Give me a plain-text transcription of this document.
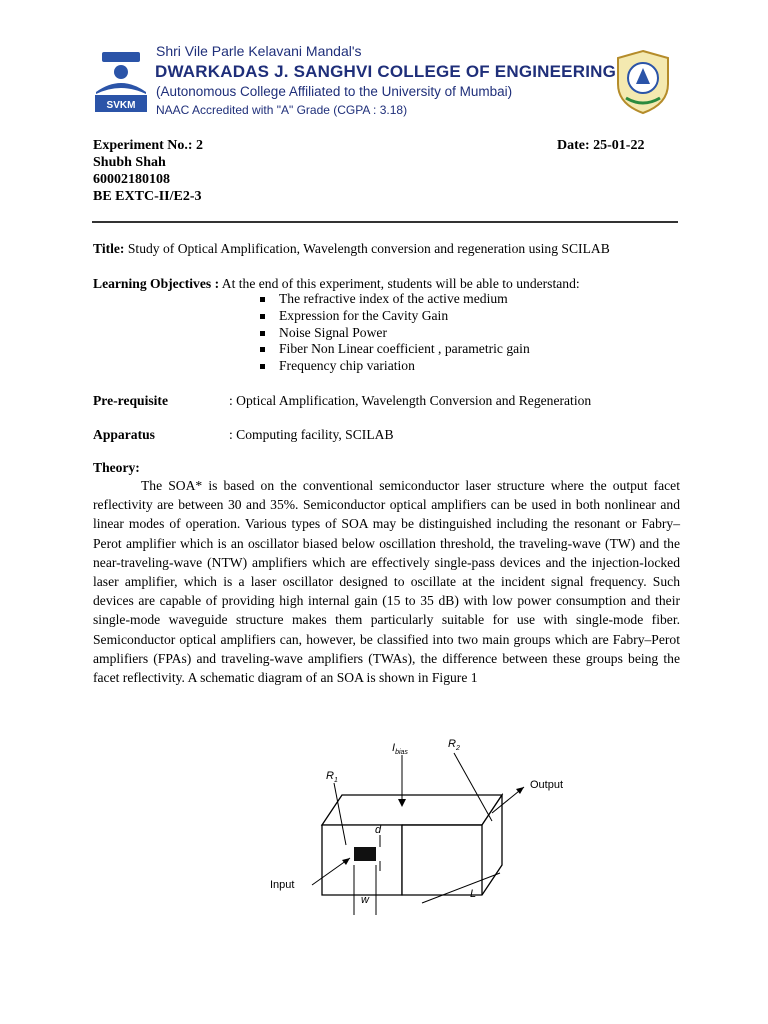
SVKM
Shri Vile Parle Kelavani Mandal's
DWARKADAS J. SANGHVI COLLEGE OF ENGINEERING
(Autonomous College Affiliated to the University of Mumbai)
NAAC Accredited with "A" Grade (CGPA : 3.18)
Experiment No.: 2	Date: 25-01-22
Shubh Shah
60002180108
BE EXTC-II/E2-3
Title: Study of Optical Amplification, Wavelength conversion and regeneration using SCILAB
Learning Objectives : At the end of this experiment, students will be able to understand:
The refractive index of the active medium
Expression for the Cavity Gain
Noise Signal Power
Fiber Non Linear coefficient , parametric gain
Frequency chip variation
Pre-requisite	: Optical Amplification, Wavelength Conversion and Regeneration
Apparatus	: Computing facility, SCILAB
Theory:
The SOA* is based on the conventional semiconductor laser structure where the output facet reflectivity are between 30 and 35%. Semiconductor optical amplifiers can be used in both nonlinear and linear modes of operation. Various types of SOA may be distinguished including the resonant or Fabry–Perot amplifier which is an oscillator biased below oscillation threshold, the traveling-wave (TW) and the near-traveling-wave (NTW) amplifiers which are effectively single-pass devices and the injection-locked laser amplifier, which is a laser oscillator designed to oscillate at the incident signal frequency. Such devices are capable of providing high internal gain (15 to 35 dB) with low power consumption and their single-mode waveguide structure makes them particularly suitable for use with single-mode fiber. Semiconductor optical amplifiers can, however, be classified into two main groups which are Fabry–Perot amplifiers (FPAs) and traveling-wave amplifiers (TWAs), the difference between these groups being the facet reflectivity. A schematic diagram of an SOA is shown in Figure 1
d
w	L
Input
Output
$R_1$
$R_2$
$I_{bias}$
